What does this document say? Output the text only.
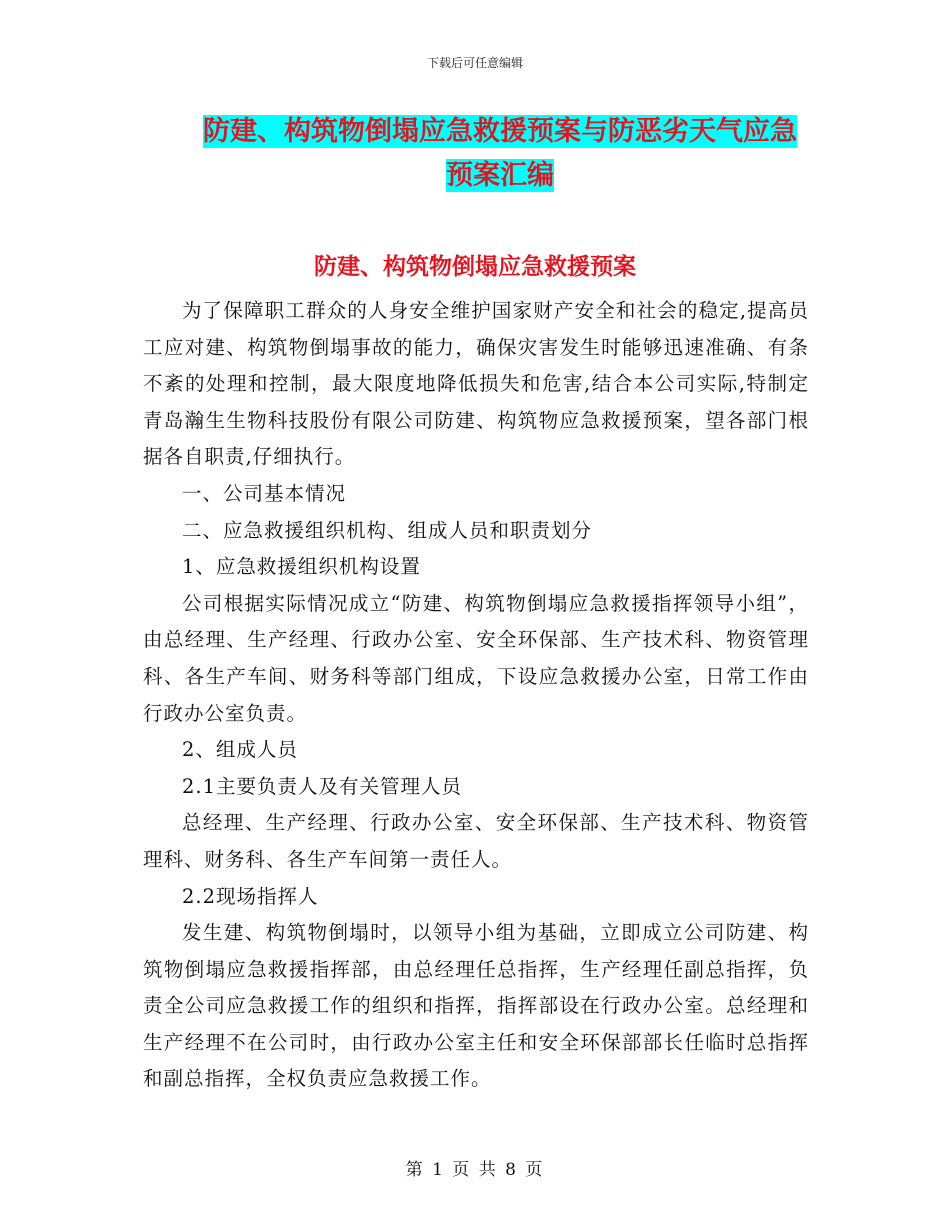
下载后可任意编辑
防建、构筑物倒塌应急救援预案与防恶劣天气应急预案汇编
防建、构筑物倒塌应急救援预案

为了保障职工群众的人身安全维护国家财产安全和社会的稳定,提高员工应对建、构筑物倒塌事故的能力，确保灾害发生时能够迅速准确、有条不紊的处理和控制，最大限度地降低损失和危害,结合本公司实际,特制定青岛瀚生生物科技股份有限公司防建、构筑物应急救援预案，望各部门根据各自职责,仔细执行。

一、公司基本情况

二、应急救援组织机构、组成人员和职责划分

1、应急救援组织机构设置

公司根据实际情况成立“防建、构筑物倒塌应急救援指挥领导小组”，由总经理、生产经理、行政办公室、安全环保部、生产技术科、物资管理科、各生产车间、财务科等部门组成，下设应急救援办公室，日常工作由行政办公室负责。

2、组成人员

2.1主要负责人及有关管理人员

总经理、生产经理、行政办公室、安全环保部、生产技术科、物资管理科、财务科、各生产车间第一责任人。

2.2现场指挥人

发生建、构筑物倒塌时，以领导小组为基础，立即成立公司防建、构筑物倒塌应急救援指挥部，由总经理任总指挥，生产经理任副总指挥，负责全公司应急救援工作的组织和指挥，指挥部设在行政办公室。总经理和生产经理不在公司时，由行政办公室主任和安全环保部部长任临时总指挥和副总指挥，全权负责应急救援工作。

第 1 页 共 8 页
